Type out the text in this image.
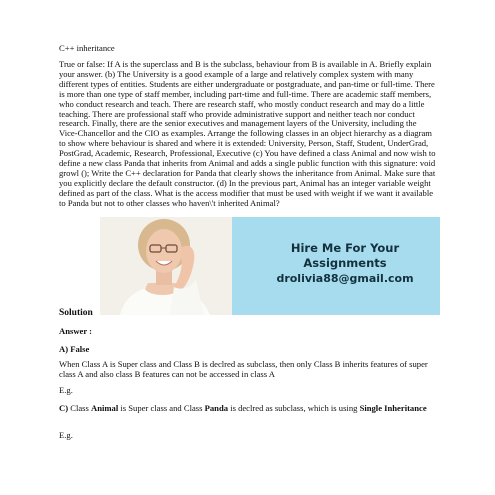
C++ inheritance
True or false: If A is the superclass and B is the subclass, behaviour from B is available in A. Briefly explain your answer. (b) The University is a good example of a large and relatively complex system with many different types of entities. Students are either undergraduate or postgraduate, and pan-time or full-time. There is more than one type of staff member, including part-time and full-time. There are academic staff members, who conduct research and teach. There are research staff, who mostly conduct research and may do a little teaching. There are professional staff who provide administrative support and neither teach nor conduct research. Finally, there are the senior executives and management layers of the University, including the Vice-Chancellor and the CIO as examples. Arrange the following classes in an object hierarchy as a diagram to show where behaviour is shared and where it is extended: University, Person, Staff, Student, UnderGrad, PostGrad, Academic, Research, Professional, Executive (c) You have defined a class Animal and now wish to define a new class Panda that inherits from Animal and adds a single public function with this signature: void growl (); Write the C++ declaration for Panda that clearly shows the inheritance from Animal. Make sure that you explicitly declare the default constructor. (d) In the previous part, Animal has an integer variable weight defined as part of the class. What is the access modifier that must be used with weight if we want it available to Panda but not to other classes who haven\'t inherited Animal?
Hire Me For Your
Assignments
drolivia88@gmail.com
Solution
Answer :
A) False
When Class A is Super class and Class B is declred as subclass, then only Class B inherits features of super class A and also class B features can not be accessed in class A
E.g.
C) Class Animal is Super class and Class Panda is declred as subclass, which is using Single Inheritance
E.g.
